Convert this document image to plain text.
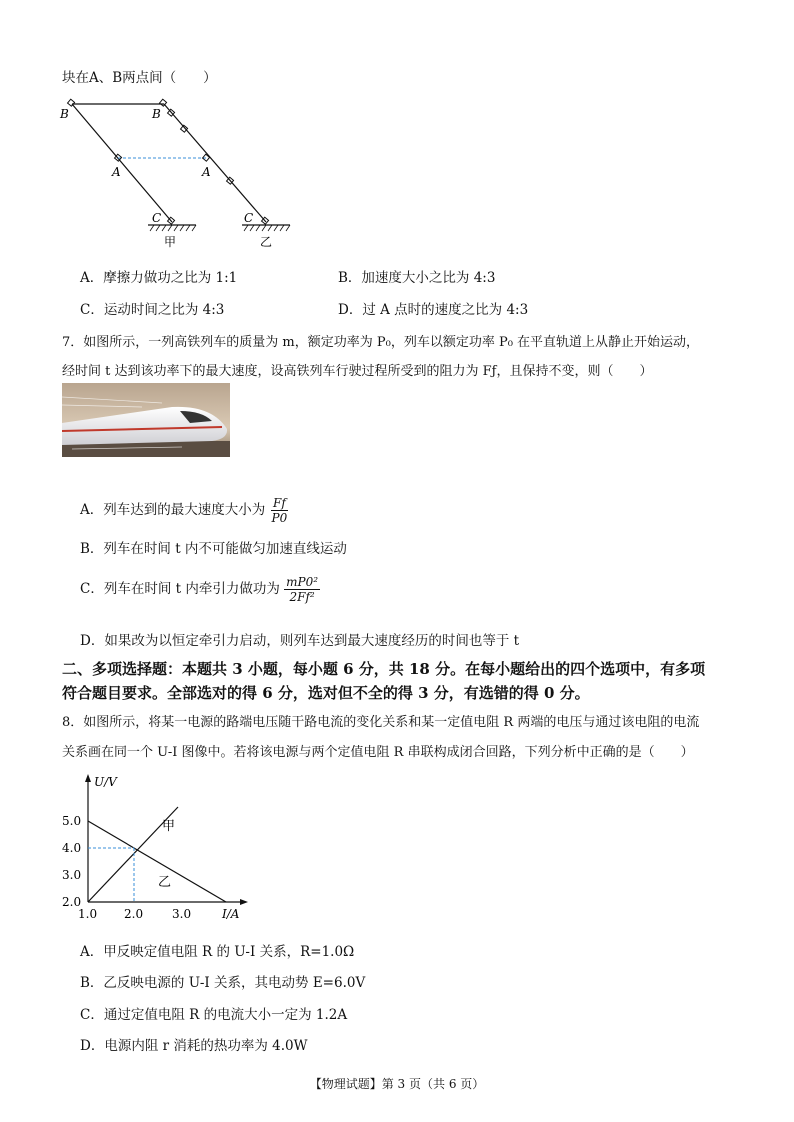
块在A、B两点间（　　）
B
A
C
甲
B
A
C
乙
A．摩擦力做功之比为 1:1	B．加速度大小之比为 4:3
C．运动时间之比为 4:3	D．过 A 点时的速度之比为 4:3
7．如图所示，一列高铁列车的质量为 m，额定功率为 P₀，列车以额定功率 P₀ 在平直轨道上从静止开始运动，
经时间 t 达到该功率下的最大速度，设高铁列车行驶过程所受到的阻力为 Fƒ，且保持不变，则（　　）
A．列车达到的最大速度大小为 $\frac{Ff}{P0}$
B．列车在时间 t 内不可能做匀加速直线运动
C．列车在时间 t 内牵引力做功为 $\frac{\text{mP0²}}{\text{2Ff²}}$
D．如果改为以恒定牵引力启动，则列车达到最大速度经历的时间也等于 t
二、多项选择题：本题共 3 小题，每小题 6 分，共 18 分。在每小题给出的四个选项中，有多项
符合题目要求。全部选对的得 6 分，选对但不全的得 3 分，有选错的得 0 分。
8．如图所示，将某一电源的路端电压随干路电流的变化关系和某一定值电阻 R 两端的电压与通过该电阻的电流
关系画在同一个 U-I 图像中。若将该电源与两个定值电阻 R 串联构成闭合回路，下列分析中正确的是（　　）
U/V
I/A
5.0
4.0
3.0
2.0
1.0 2.0 3.0
甲
乙
A．甲反映定值电阻 R 的 U-I 关系，R=1.0Ω
B．乙反映电源的 U-I 关系，其电动势 E=6.0V
C．通过定值电阻 R 的电流大小一定为 1.2A
D．电源内阻 r 消耗的热功率为 4.0W
【物理试题】第 3 页（共 6 页）
